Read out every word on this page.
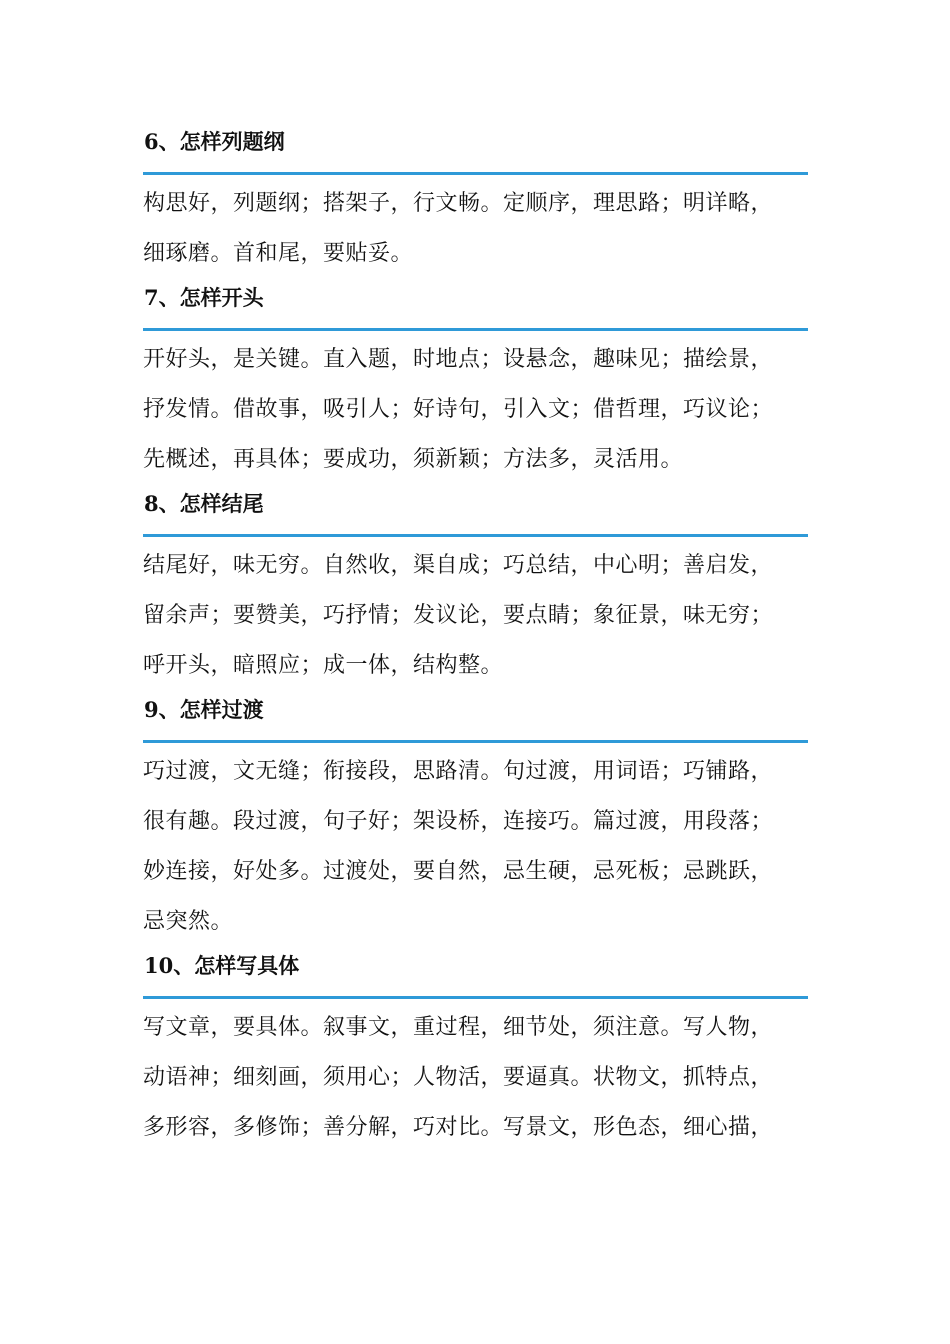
6、怎样列题纲

构思好，列题纲；搭架子，行文畅。定顺序，理思路；明详略，
细琢磨。首和尾，要贴妥。

7、怎样开头

开好头，是关键。直入题，时地点；设悬念，趣味见；描绘景，
抒发情。借故事，吸引人；好诗句，引入文；借哲理，巧议论；
先概述，再具体；要成功，须新颖；方法多，灵活用。

8、怎样结尾

结尾好，味无穷。自然收，渠自成；巧总结，中心明；善启发，
留余声；要赞美，巧抒情；发议论，要点睛；象征景，味无穷；
呼开头，暗照应；成一体，结构整。

9、怎样过渡

巧过渡，文无缝；衔接段，思路清。句过渡，用词语；巧铺路，
很有趣。段过渡，句子好；架设桥，连接巧。篇过渡，用段落；
妙连接，好处多。过渡处，要自然，忌生硬，忌死板；忌跳跃，
忌突然。

10、怎样写具体

写文章，要具体。叙事文，重过程，细节处，须注意。写人物，
动语神；细刻画，须用心；人物活，要逼真。状物文，抓特点，
多形容，多修饰；善分解，巧对比。写景文，形色态，细心描，
